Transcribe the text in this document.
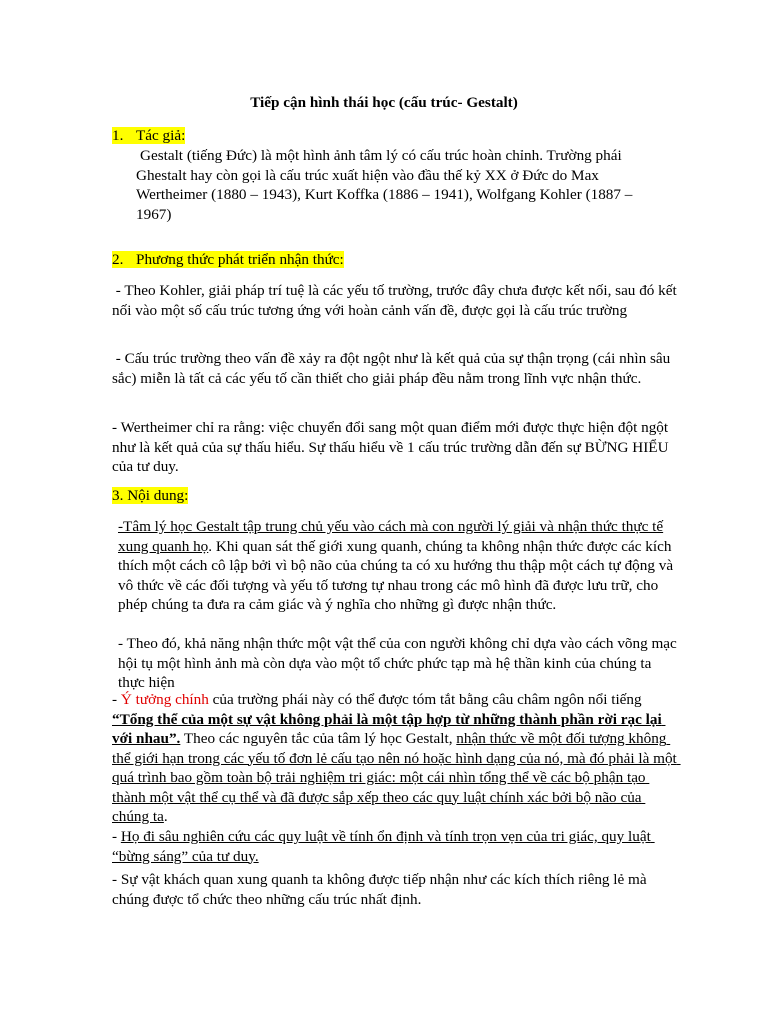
Tiếp cận hình thái học (cấu trúc- Gestalt)

1. Tác giả:

Gestalt (tiếng Đức) là một hình ảnh tâm lý có cấu trúc hoàn chỉnh. Trường phái Ghestalt hay còn gọi là cấu trúc xuất hiện vào đầu thế kỷ XX ở Đức do Max Wertheimer (1880 – 1943), Kurt Koffka (1886 – 1941), Wolfgang Kohler (1887 – 1967)

2. Phương thức phát triển nhận thức:

- Theo Kohler, giải pháp trí tuệ là các yếu tố trường, trước đây chưa được kết nối, sau đó kết nối vào một số cấu trúc tương ứng với hoàn cảnh vấn đề, được gọi là cấu trúc trường

- Cấu trúc trường theo vấn đề xảy ra đột ngột như là kết quả của sự thận trọng (cái nhìn sâu sắc) miễn là tất cả các yếu tố cần thiết cho giải pháp đều nằm trong lĩnh vực nhận thức.

- Wertheimer chỉ ra rằng: việc chuyển đổi sang một quan điểm mới được thực hiện đột ngột như là kết quả của sự thấu hiểu. Sự thấu hiểu về 1 cấu trúc trường dẫn đến sự BỪNG HIỂU của tư duy.

3. Nội dung:

-Tâm lý học Gestalt tập trung chủ yếu vào cách mà con người lý giải và nhận thức thực tế xung quanh họ. Khi quan sát thế giới xung quanh, chúng ta không nhận thức được các kích thích một cách cô lập bởi vì bộ não của chúng ta có xu hướng thu thập một cách tự động và vô thức về các đối tượng và yếu tố tương tự nhau trong các mô hình đã được lưu trữ, cho phép chúng ta đưa ra cảm giác và ý nghĩa cho những gì được nhận thức.

- Theo đó, khả năng nhận thức một vật thể của con người không chỉ dựa vào cách võng mạc hội tụ một hình ảnh mà còn dựa vào một tổ chức phức tạp mà hệ thần kinh của chúng ta thực hiện

- Ý tưởng chính của trường phái này có thể được tóm tắt bằng câu châm ngôn nổi tiếng “Tổng thể của một sự vật không phải là một tập hợp từ những thành phần rời rạc lại với nhau”. Theo các nguyên tắc của tâm lý học Gestalt, nhận thức về một đối tượng không thể giới hạn trong các yếu tố đơn lẻ cấu tạo nên nó hoặc hình dạng của nó, mà đó phải là một quá trình bao gồm toàn bộ trải nghiệm tri giác: một cái nhìn tổng thể về các bộ phận tạo thành một vật thể cụ thể và đã được sắp xếp theo các quy luật chính xác bởi bộ não của chúng ta.

- Họ đi sâu nghiên cứu các quy luật về tính ổn định và tính trọn vẹn của tri giác, quy luật “bừng sáng” của tư duy.

- Sự vật khách quan xung quanh ta không được tiếp nhận như các kích thích riêng lẻ mà chúng được tổ chức theo những cấu trúc nhất định.
